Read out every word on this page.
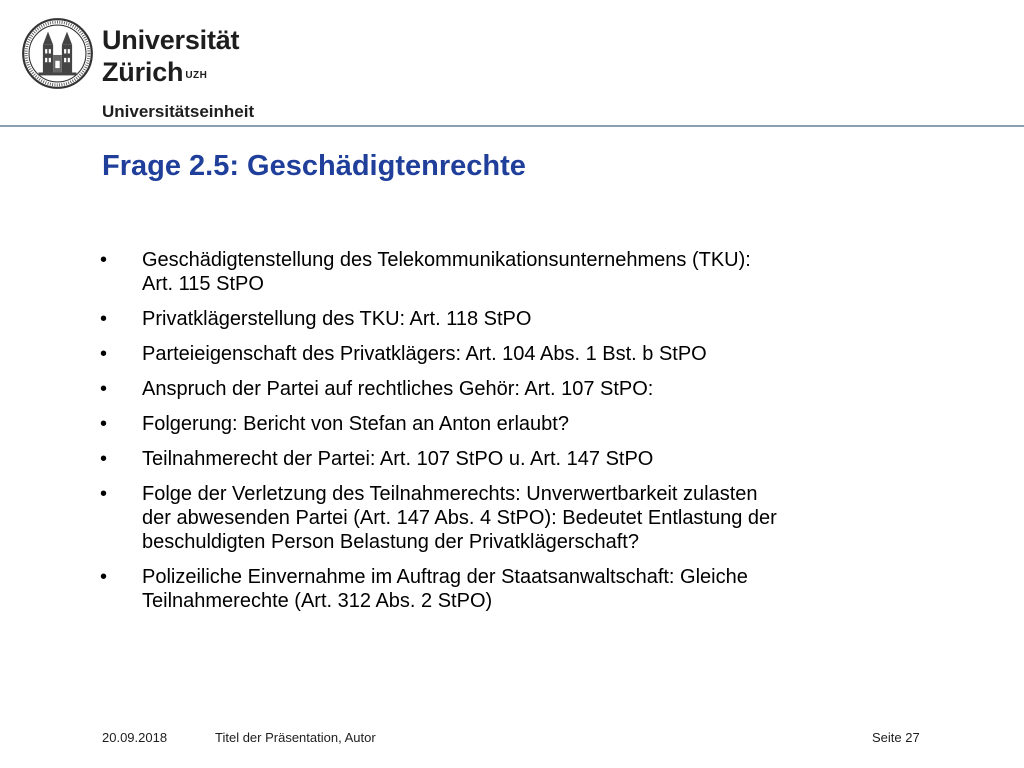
Universität
Zürich $^{UZH}$
Universitätseinheit
Frage 2.5: Geschädigtenrechte
•	Geschädigtenstellung des Telekommunikationsunternehmens (TKU):
Art. 115 StPO
•	Privatklägerstellung des TKU: Art. 118 StPO
•	Parteieigenschaft des Privatklägers: Art. 104 Abs. 1 Bst. b StPO
•	Anspruch der Partei auf rechtliches Gehör: Art. 107 StPO:
•	Folgerung: Bericht von Stefan an Anton erlaubt?
•	Teilnahmerecht der Partei: Art. 107 StPO u. Art. 147 StPO
•	Folge der Verletzung des Teilnahmerechts: Unverwertbarkeit zulasten
der abwesenden Partei (Art. 147 Abs. 4 StPO): Bedeutet Entlastung der
beschuldigten Person Belastung der Privatklägerschaft?
•	Polizeiliche Einvernahme im Auftrag der Staatsanwaltschaft: Gleiche
Teilnahmerechte (Art. 312 Abs. 2 StPO)
20.09.2018	Titel der Präsentation, Autor	Seite 27
